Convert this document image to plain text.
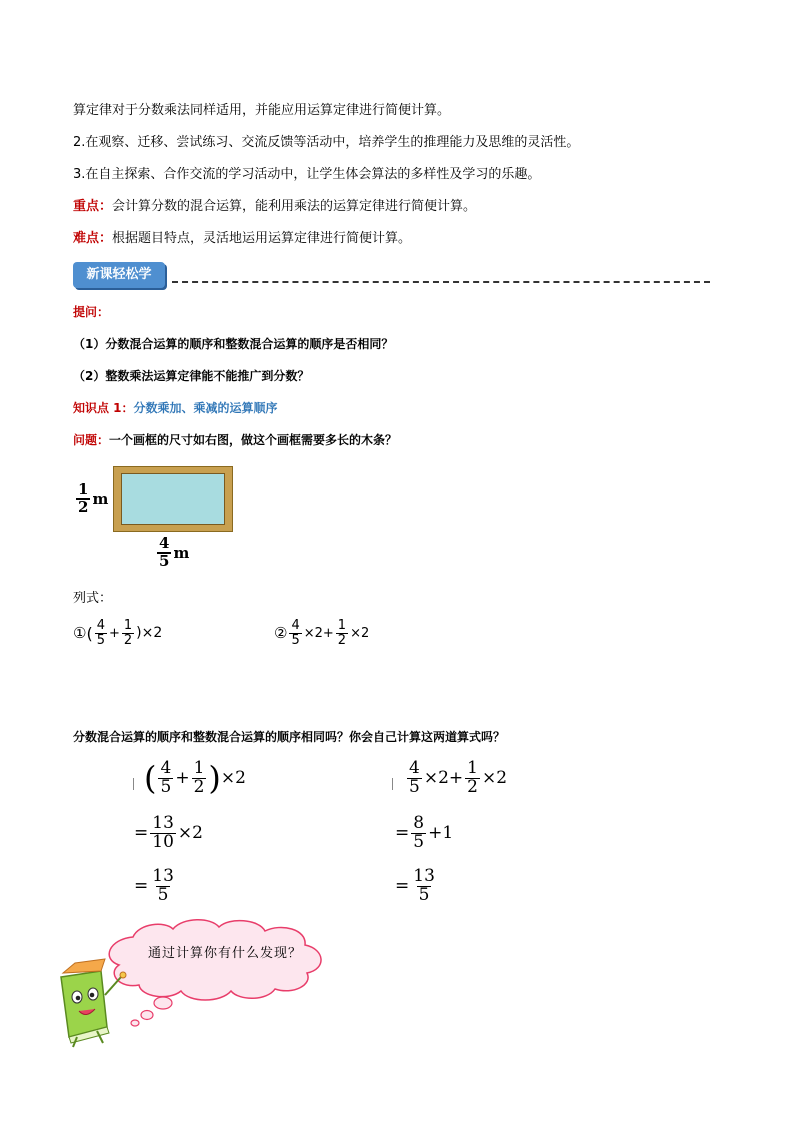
算定律对于分数乘法同样适用，并能应用运算定律进行简便计算。
2.在观察、迁移、尝试练习、交流反馈等活动中，培养学生的推理能力及思维的灵活性。
3.在自主探索、合作交流的学习活动中，让学生体会算法的多样性及学习的乐趣。
重点：会计算分数的混合运算，能利用乘法的运算定律进行简便计算。
难点：根据题目特点，灵活地运用运算定律进行简便计算。
新课轻松学
提问：
（1）分数混合运算的顺序和整数混合运算的顺序是否相同？
（2）整数乘法运算定律能不能推广到分数？
知识点 1：分数乘加、乘减的运算顺序
问题：一个画框的尺寸如右图，做这个画框需要多长的木条？
$\frac{1}{2}$ m
$\frac{4}{5}$ m
列式：
① ( $\frac{4}{5} + \frac{1}{2} )\times 2$	② $\frac{4}{5} \times 2+ \frac{1}{2} \times 2$
分数混合运算的顺序和整数混合运算的顺序相同吗？你会自己计算这两道算式吗？
( $\frac{4}{5} + \frac{1}{2}$ ) ×2
= $\frac{13}{10} \times 2$
= $\frac{13}{5}$
$\frac{4}{5} \times 2+ \frac{1}{2} \times 2$
= $\frac{8}{5} +1$
= $\frac{13}{5}$
通过计算你有什么发现？
